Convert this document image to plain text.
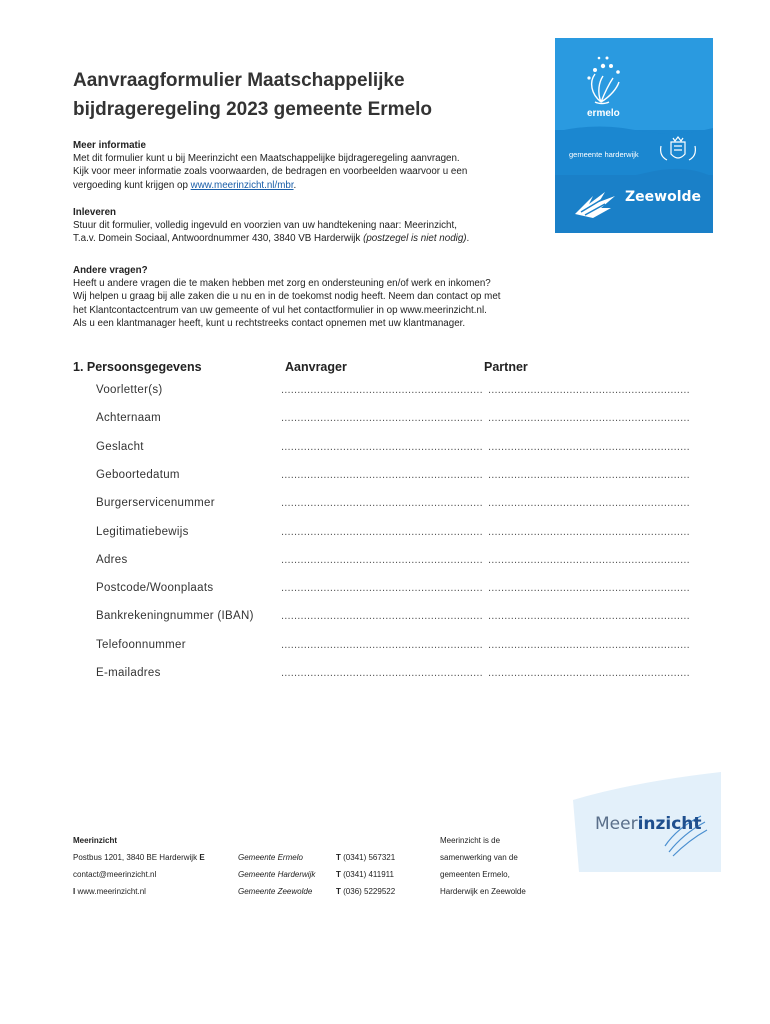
ermelo
gemeente harderwijk
Zeewolde
Aanvraagformulier Maatschappelijke
bijdrageregeling 2023 gemeente Ermelo
Meer informatie
Met dit formulier kunt u bij Meerinzicht een Maatschappelijke bijdrageregeling aanvragen.
Kijk voor meer informatie zoals voorwaarden, de bedragen en voorbeelden waarvoor u een
vergoeding kunt krijgen op www.meerinzicht.nl/mbr.
Inleveren
Stuur dit formulier, volledig ingevuld en voorzien van uw handtekening naar: Meerinzicht,
T.a.v. Domein Sociaal, Antwoordnummer 430, 3840 VB Harderwijk (postzegel is niet nodig).
Andere vragen?
Heeft u andere vragen die te maken hebben met zorg en ondersteuning en/of werk en inkomen?
Wij helpen u graag bij alle zaken die u nu en in de toekomst nodig heeft. Neem dan contact op met
het Klantcontactcentrum van uw gemeente of vul het contactformulier in op www.meerinzicht.nl.
Als u een klantmanager heeft, kunt u rechtstreeks contact opnemen met uw klantmanager.
1. Persoonsgegevens	Aanvrager	Partner
Voorletter(s)	.............................................................. ..............................................................
Achternaam	.............................................................. ..............................................................
Geslacht	.............................................................. ..............................................................
Geboortedatum	.............................................................. ..............................................................
Burgerservicenummer	.............................................................. ..............................................................
Legitimatiebewijs	.............................................................. ..............................................................
Adres	.............................................................. ..............................................................
Postcode/Woonplaats	.............................................................. ..............................................................
Bankrekeningnummer (IBAN) .............................................................. ..............................................................
Telefoonnummer	.............................................................. ..............................................................
E-mailadres	.............................................................. ..............................................................
Meerinzicht
Postbus 1201, 3840 BE Harderwijk E
contact@meerinzicht.nl
I www.meerinzicht.nl
Gemeente Ermelo	T (0341) 567321
Gemeente Harderwijk	T (0341) 411911
Gemeente Zeewolde	T (036) 5229522
Meerinzicht is de
samenwerking van de
gemeenten Ermelo,
Harderwijk en Zeewolde
Meerinzicht
